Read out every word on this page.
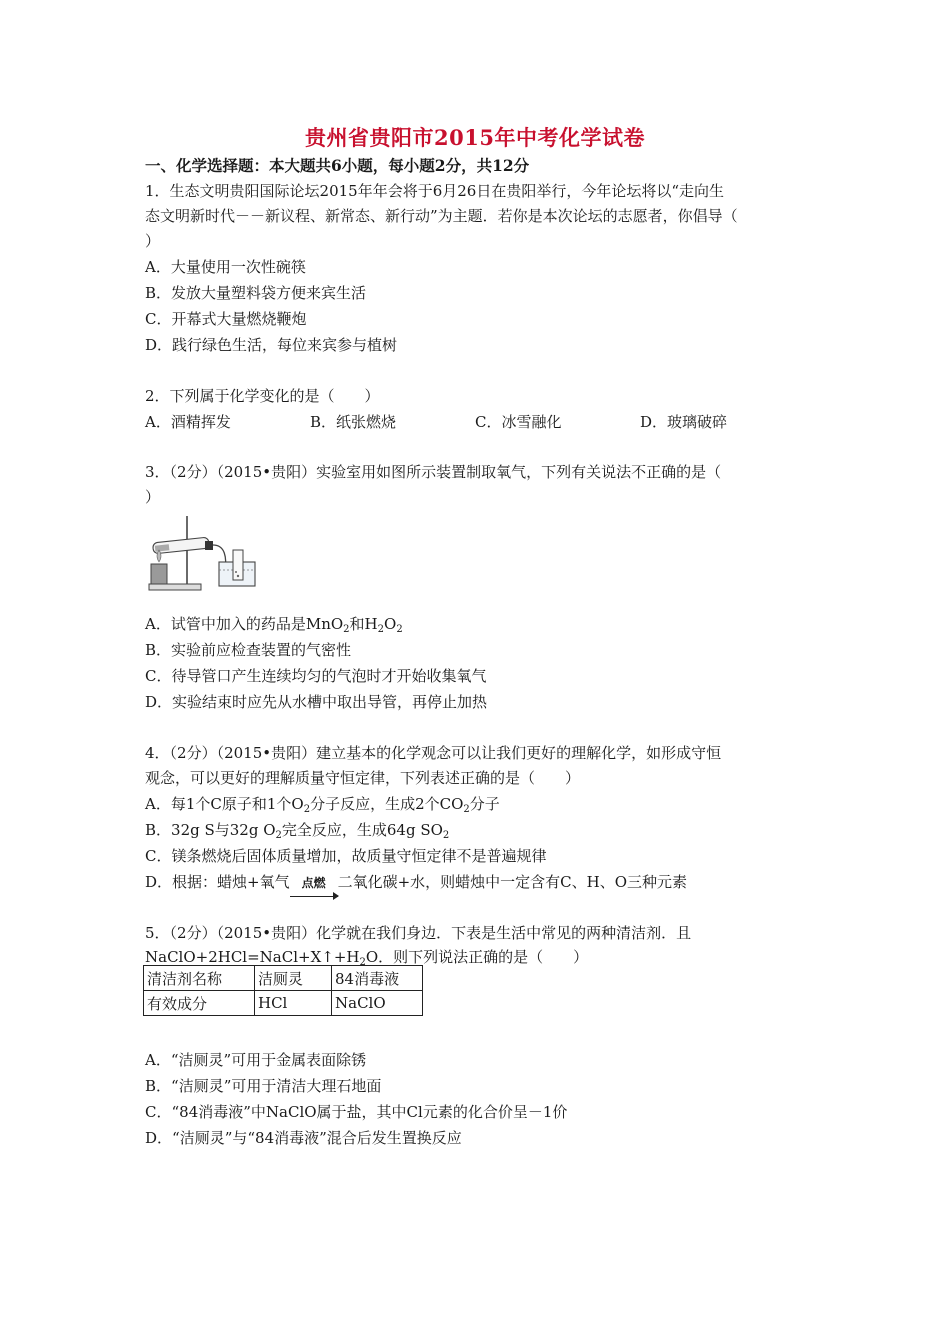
贵州省贵阳市2015年中考化学试卷
一、化学选择题：本大题共6小题，每小题2分，共12分
1．生态文明贵阳国际论坛2015年年会将于6月26日在贵阳举行，今年论坛将以“走向生
态文明新时代－－新议程、新常态、新行动”为主题．若你是本次论坛的志愿者，你倡导（
）
A．大量使用一次性碗筷
B．发放大量塑料袋方便来宾生活
C．开幕式大量燃烧鞭炮
D．践行绿色生活，每位来宾参与植树
2．下列属于化学变化的是（　　）
A．酒精挥发	B．纸张燃烧	C．冰雪融化	D．玻璃破碎
3．（2分）（2015•贵阳）实验室用如图所示装置制取氧气，下列有关说法不正确的是（
）
A．试管中加入的药品是MnO$_2$和$H_2O_2$
B．实验前应检查装置的气密性
C．待导管口产生连续均匀的气泡时才开始收集氧气
D．实验结束时应先从水槽中取出导管，再停止加热
4．（2分）（2015•贵阳）建立基本的化学观念可以让我们更好的理解化学，如形成守恒
观念，可以更好的理解质量守恒定律，下列表述正确的是（　　）
A．每1个C原子和1个$O_2$分子反应，生成2个$CO_2$分子
B．32g S与32g $O_2$完全反应，生成64g $SO_2$
C．镁条燃烧后固体质量增加，故质量守恒定律不是普遍规律
D．根据：蜡烛+氧气 点燃 二氧化碳+水，则蜡烛中一定含有C、H、O三种元素
5．（2分）（2015•贵阳）化学就在我们身边．下表是生活中常见的两种清洁剂．且
$NaClO+2HCl=NaCl+X↑+H_2O$．则下列说法正确的是（　　）
清洁剂名称	洁厕灵	84消毒液
有效成分	HCl	NaClO
A．“洁厕灵”可用于金属表面除锈
B．“洁厕灵”可用于清洁大理石地面
C．“84消毒液”中NaClO属于盐，其中Cl元素的化合价呈－1价
D．“洁厕灵”与“84消毒液”混合后发生置换反应
